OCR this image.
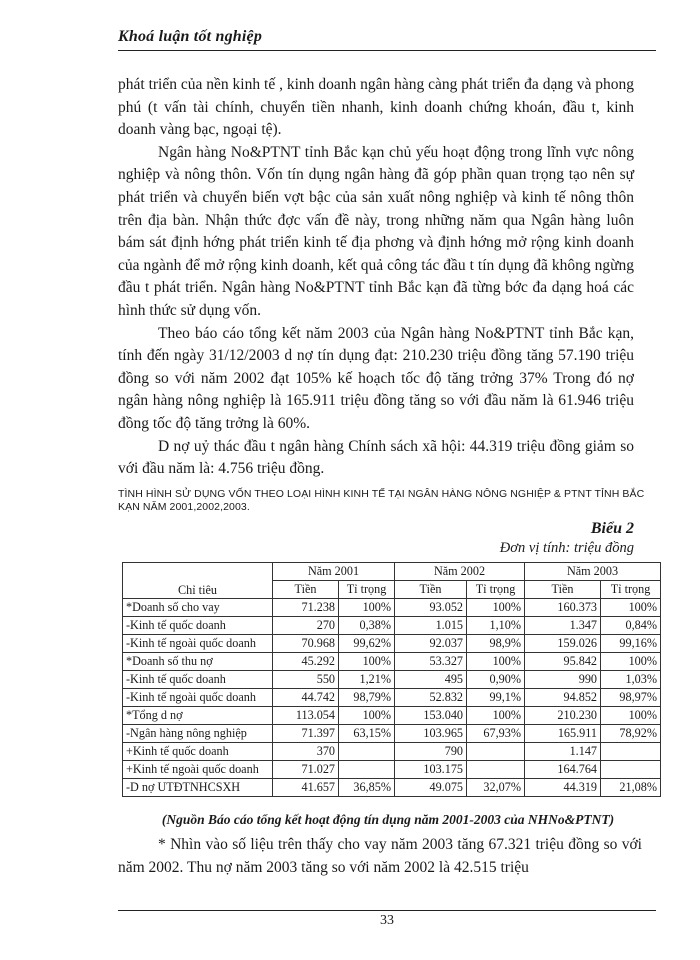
Khoá luận tốt nghiệp

phát triển của nền kinh tế , kinh doanh ngân hàng càng phát triển đa dạng và phong phú (t vấn tài chính, chuyển tiền nhanh, kinh doanh chứng khoán, đầu t, kinh doanh vàng bạc, ngoại tệ).

Ngân hàng No&PTNT tỉnh Bắc kạn chủ yếu hoạt động trong lĩnh vực nông nghiệp và nông thôn. Vốn tín dụng ngân hàng đã góp phần quan trọng tạo nên sự phát triển và chuyển biến vợt bậc của sản xuất nông nghiệp và kinh tế nông thôn trên địa bàn. Nhận thức đợc vấn đề này, trong những năm qua Ngân hàng luôn bám sát định hớng phát triển kinh tế địa phơng và định hớng mở rộng kinh doanh của ngành để mở rộng kinh doanh, kết quả công tác đầu t tín dụng đã không ngừng đầu t phát triển. Ngân hàng No&PTNT tỉnh Bắc kạn đã từng bớc đa dạng hoá các hình thức sử dụng vốn.

Theo báo cáo tổng kết năm 2003 của Ngân hàng No&PTNT tỉnh Bắc kạn, tính đến ngày 31/12/2003 d nợ tín dụng đạt: 210.230 triệu đồng tăng 57.190 triệu đồng so với năm 2002 đạt 105% kế hoạch tốc độ tăng trởng 37% Trong đó nợ ngân hàng nông nghiệp là 165.911 triệu đồng tăng so với đầu năm là 61.946 triệu đồng tốc độ tăng trởng là 60%.

D nợ uỷ thác đầu t ngân hàng Chính sách xã hội: 44.319 triệu đồng giảm so với đầu năm là: 4.756 triệu đồng.

TÌNH HÌNH SỬ DỤNG VỐN THEO LOẠI HÌNH KINH TẾ TẠI NGÂN HÀNG NÔNG NGHIỆP & PTNT TỈNH BẮC KẠN NĂM 2001,2002,2003.
Biểu 2
Đơn vị tính: triệu đồng
Chỉ tiêu	Năm 2001		Năm 2002		Năm 2003	
	Tiền	Tỉ trọng	Tiền	Tỉ trọng	Tiền	Tỉ trọng
*Doanh số cho vay	71.238	100%	93.052	100%	160.373	100%
-Kinh tế quốc doanh	270	0,38%	1.015	1,10%	1.347	0,84%
-Kinh tế ngoài quốc doanh	70.968	99,62%	92.037	98,9%	159.026	99,16%
*Doanh số thu nợ	45.292	100%	53.327	100%	95.842	100%
-Kinh tế quốc doanh	550	1,21%	495	0,90%	990	1,03%
-Kinh tế ngoài quốc doanh	44.742	98,79%	52.832	99,1%	94.852	98,97%
*Tổng d nợ	113.054	100%	153.040	100%	210.230	100%
-Ngân hàng nông nghiệp	71.397	63,15%	103.965	67,93%	165.911	78,92%
+Kinh tế quốc doanh	370		790		1.147	
+Kinh tế ngoài quốc doanh	71.027		103.175		164.764	
-D nợ UTĐTNHCSXH	41.657	36,85%	49.075	32,07%	44.319	21,08%
(Nguồn Báo cáo tổng kết hoạt động tín dụng năm 2001-2003 của NHNo&PTNT)

* Nhìn vào số liệu trên thấy cho vay năm 2003 tăng 67.321 triệu đồng so với năm 2002. Thu nợ năm 2003 tăng so với năm 2002 là 42.515 triệu

33
